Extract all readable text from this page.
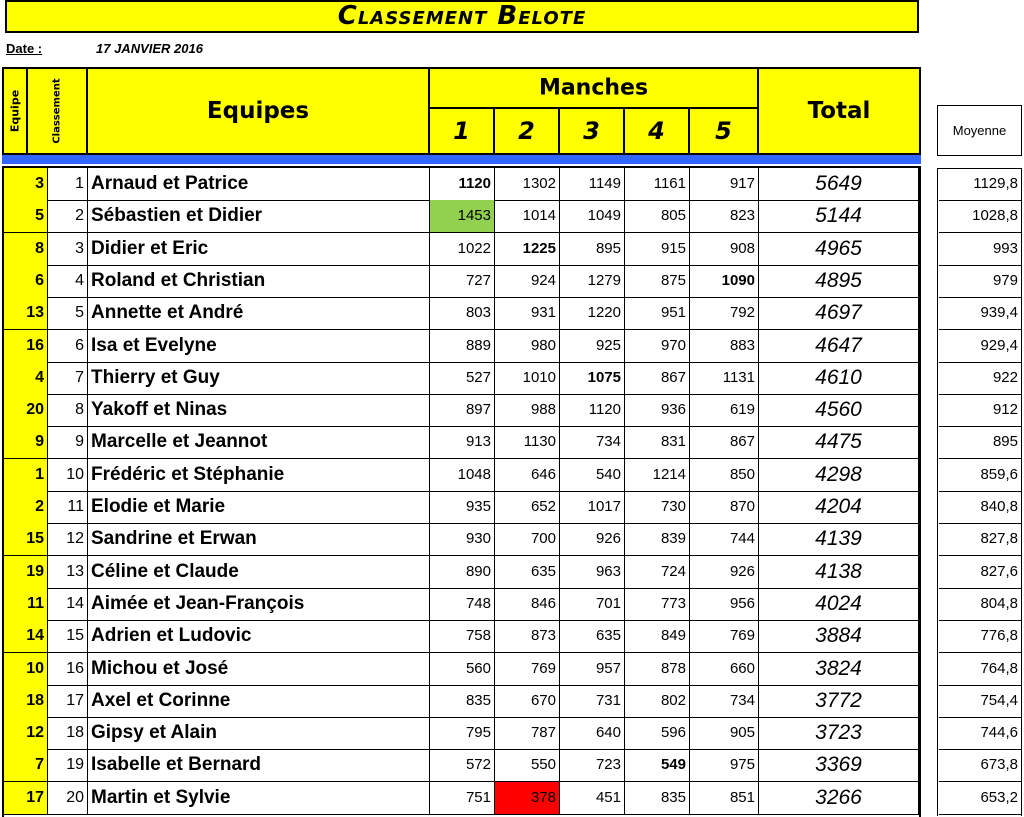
Classement Belote
Date :	17 JANVIER 2016
Equipe	Classement	Equipes
Manches
1	2	3	4	5
Total
Moyenne
3	1 Arnaud et Patrice	1120	1302	1149	1161	917	5649	1129,8
5	2 Sébastien et Didier	1453	1014	1049	805	823	5144	1028,8
8	3 Didier et Eric	1022	1225	895	915	908	4965	993
6	4 Roland et Christian	727	924	1279	875	1090	4895	979
13	5 Annette et André	803	931	1220	951	792	4697	939,4
16	6 Isa et Evelyne	889	980	925	970	883	4647	929,4
4	7 Thierry et Guy	527	1010	1075	867	1131	4610	922
20	8 Yakoff et Ninas	897	988	1120	936	619	4560	912
9	9 Marcelle et Jeannot	913	1130	734	831	867	4475	895
1	10 Frédéric et Stéphanie	1048	646	540	1214	850	4298	859,6
2	11 Elodie et Marie	935	652	1017	730	870	4204	840,8
15	12 Sandrine et Erwan	930	700	926	839	744	4139	827,8
19	13 Céline et Claude	890	635	963	724	926	4138	827,6
11	14 Aimée et Jean-François	748	846	701	773	956	4024	804,8
14	15 Adrien et Ludovic	758	873	635	849	769	3884	776,8
10	16 Michou et José	560	769	957	878	660	3824	764,8
18	17 Axel et Corinne	835	670	731	802	734	3772	754,4
12	18 Gipsy et Alain	795	787	640	596	905	3723	744,6
7	19 Isabelle et Bernard	572	550	723	549	975	3369	673,8
17	20 Martin et Sylvie	751	378	451	835	851	3266	653,2
